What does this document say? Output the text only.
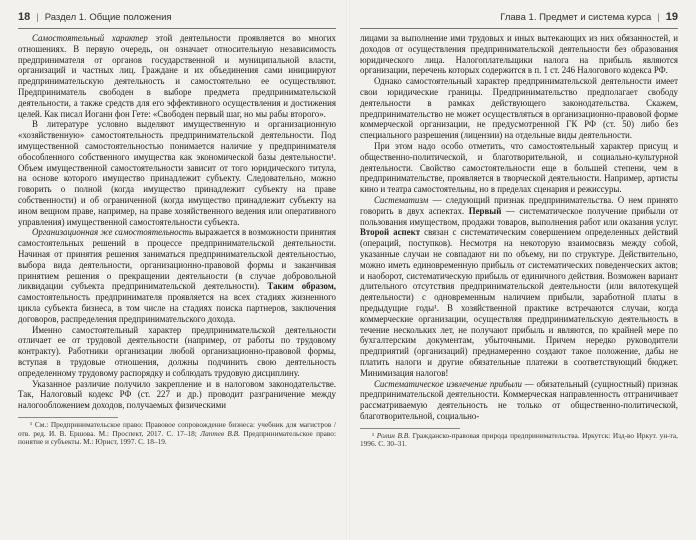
18 | Раздел 1. Общие положения

Самостоятельный характер этой деятельности проявляется во многих отношениях. В первую очередь, он означает относительную независимость предпринимателя от органов государственной и муниципальной власти, организаций и частных лиц. Граждане и их объединения сами инициируют предпринимательскую деятельность и самостоятельно ее осуществляют. Предприниматель свободен в выборе предмета предпринимательской деятельности, а также средств для его эффективного осуществления и достижения целей. Как писал Иоганн фон Гете: «Свободен первый шаг, но мы рабы второго».

В литературе условно выделяют имущественную и организационную «хозяйственную» самостоятельность предпринимательской деятельности. Под имущественной самостоятельностью понимается наличие у предпринимателя обособленного собственного имущества как экономической базы деятельности¹. Объем имущественной самостоятельности зависит от того юридического титула, на основе которого имущество принадлежит субъекту. Следовательно, можно говорить о полной (когда имущество принадлежит субъекту на праве собственности) и об ограниченной (когда имущество принадлежит субъекту на ином вещном праве, например, на праве хозяйственного ведения или оперативного управления) имущественной самостоятельности субъекта.

Организационная же самостоятельность выражается в возможности принятия самостоятельных решений в процессе предпринимательской деятельности. Начиная от принятия решения заниматься предпринимательской деятельностью, выбора вида деятельности, организационно-правовой формы и заканчивая принятием решения о прекращении деятельности (в случае добровольной ликвидации субъекта предпринимательской деятельности). Таким образом, самостоятельность предпринимателя проявляется на всех стадиях жизненного цикла субъекта бизнеса, в том числе на стадиях поиска партнеров, заключения договоров, распределения предпринимательского дохода.

Именно самостоятельный характер предпринимательской деятельности отличает ее от трудовой деятельности (например, от работы по трудовому контракту). Работники организации любой организационно-правовой формы, вступая в трудовые отношения, должны подчинить свою деятельность определенному трудовому распорядку и соблюдать трудовую дисциплину.

Указанное различие получило закрепление и в налоговом законодательстве. Так, Налоговый кодекс РФ (ст. 227 и др.) проводит разграничение между налогообложением доходов, получаемых физическими

¹ См.: Предпринимательское право: Правовое сопровождение бизнеса: учебник для магистров / отв. ред. И. В. Ершова. М.: Проспект, 2017. С. 17–18; Лаптев В.В. Предпринимательское право: понятие и субъекты. М.: Юрист, 1997. С. 18–19.

Глава 1. Предмет и система курса | 19

лицами за выполнение ими трудовых и иных вытекающих из них обязанностей, и доходов от осуществления предпринимательской деятельности без образования юридического лица. Налогоплательщики налога на прибыль являются организации, перечень которых содержится в п. 1 ст. 246 Налогового кодекса РФ.

Однако самостоятельный характер предпринимательской деятельности имеет свои юридические границы. Предпринимательство предполагает свободу деятельности в рамках действующего законодательства. Скажем, предпринимательство не может осуществляться в организационно-правовой форме коммерческой организации, не предусмотренной ГК РФ (ст. 50) либо без специального разрешения (лицензии) на отдельные виды деятельности.

При этом надо особо отметить, что самостоятельный характер присущ и общественно-политической, и благотворительной, и социально-культурной деятельности. Свойство самостоятельности еще в большей степени, чем в предпринимательстве, проявляется в творческой деятельности. Например, артисты кино и театра самостоятельны, но в пределах сценария и режиссуры.

Систематизм — следующий признак предпринимательства. О нем принято говорить в двух аспектах. Первый — систематическое получение прибыли от пользования имуществом, продажи товаров, выполнения работ или оказания услуг. Второй аспект связан с систематическим совершением определенных действий (операций, поступков). Несмотря на некоторую взаимосвязь между собой, указанные случаи не совпадают ни по объему, ни по структуре. Действительно, можно иметь единовременную прибыль от систематических поведенческих актов; и наоборот, систематическую прибыль от единичного действия. Возможен вариант длительного отсутствия предпринимательской деятельности (или вялотекущей деятельности) с одновременным наличием прибыли, заработной платы в предыдущие годы¹. В хозяйственной практике встречаются случаи, когда коммерческие организации, осуществляя предпринимательскую деятельность в течение нескольких лет, не получают прибыль и являются, по крайней мере по бухгалтерским документам, убыточными. Причем нередко руководители предприятий (организаций) преднамеренно создают такое положение, дабы не платить налоги и другие обязательные платежи в соответствующий бюджет. Минимизация налогов!

Систематическое извлечение прибыли — обязательный (сущностный) признак предпринимательской деятельности. Коммерческая направленность отграничивает рассматриваемую деятельность не только от общественно-политической, благотворительной, социально-

¹ Ролин В.В. Гражданско-правовая природа предпринимательства. Иркутск: Изд-во Иркут. ун-та, 1996. С. 30–31.
